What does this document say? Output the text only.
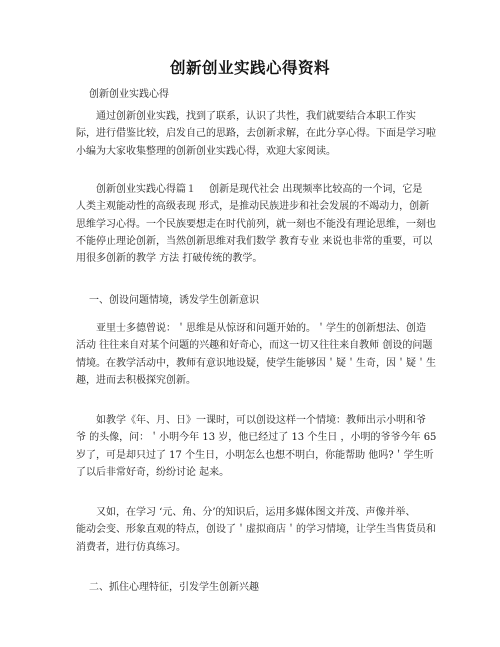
创新创业实践心得资料
创新创业实践心得
　　通过创新创业实践，找到了联系，认识了共性，我们就要结合本职工作实
际，进行借鉴比较，启发自己的思路，去创新求解，在此分享心得。下面是学习啦
小编为大家收集整理的创新创业实践心得，欢迎大家阅读。
　　创新创业实践心得篇１　 创新是现代社会 出现频率比较高的一个词，它是
人类主观能动性的高级表现 形式，是推动民族进步和社会发展的不竭动力，创新
思维学习心得。一个民族要想走在时代前列，就一刻也不能没有理论思维，一刻也
不能停止理论创新，当然创新思维对我们数学 教育专业 来说也非常的重要，可以
用很多创新的教学 方法 打破传统的教学。
一、创设问题情境，诱发学生创新意识
　　亚里士多德曾说：＇思维是从惊讶和问题开始的。＇学生的创新想法、创造
活动 往往来自对某个问题的兴趣和好奇心，而这一切又往往来自教师 创设的问题
情境。在教学活动中，教师有意识地设疑，使学生能够因＇疑＇生奇，因＇疑＇生
趣，进而去积极探究创新。
　　如教学《年、月、日》一课时，可以创设这样一个情境：教师出示小明和爷
爷 的头像，问：＇小明今年 13 岁，他已经过了 13 个生日 ，小明的爷爷今年 65
岁了，可是却只过了 17 个生日，小明怎么也想不明白，你能帮助 他吗?＇学生听
了以后非常好奇，纷纷讨论 起来。
　　又如，在学习 ‘元、角、分’的知识后，运用多媒体图文并茂、声像并举、
能动会变、形象直观的特点，创设了＇虚拟商店＇的学习情境，让学生当售货员和
消费者，进行仿真练习。
二、抓住心理特征，引发学生创新兴趣
